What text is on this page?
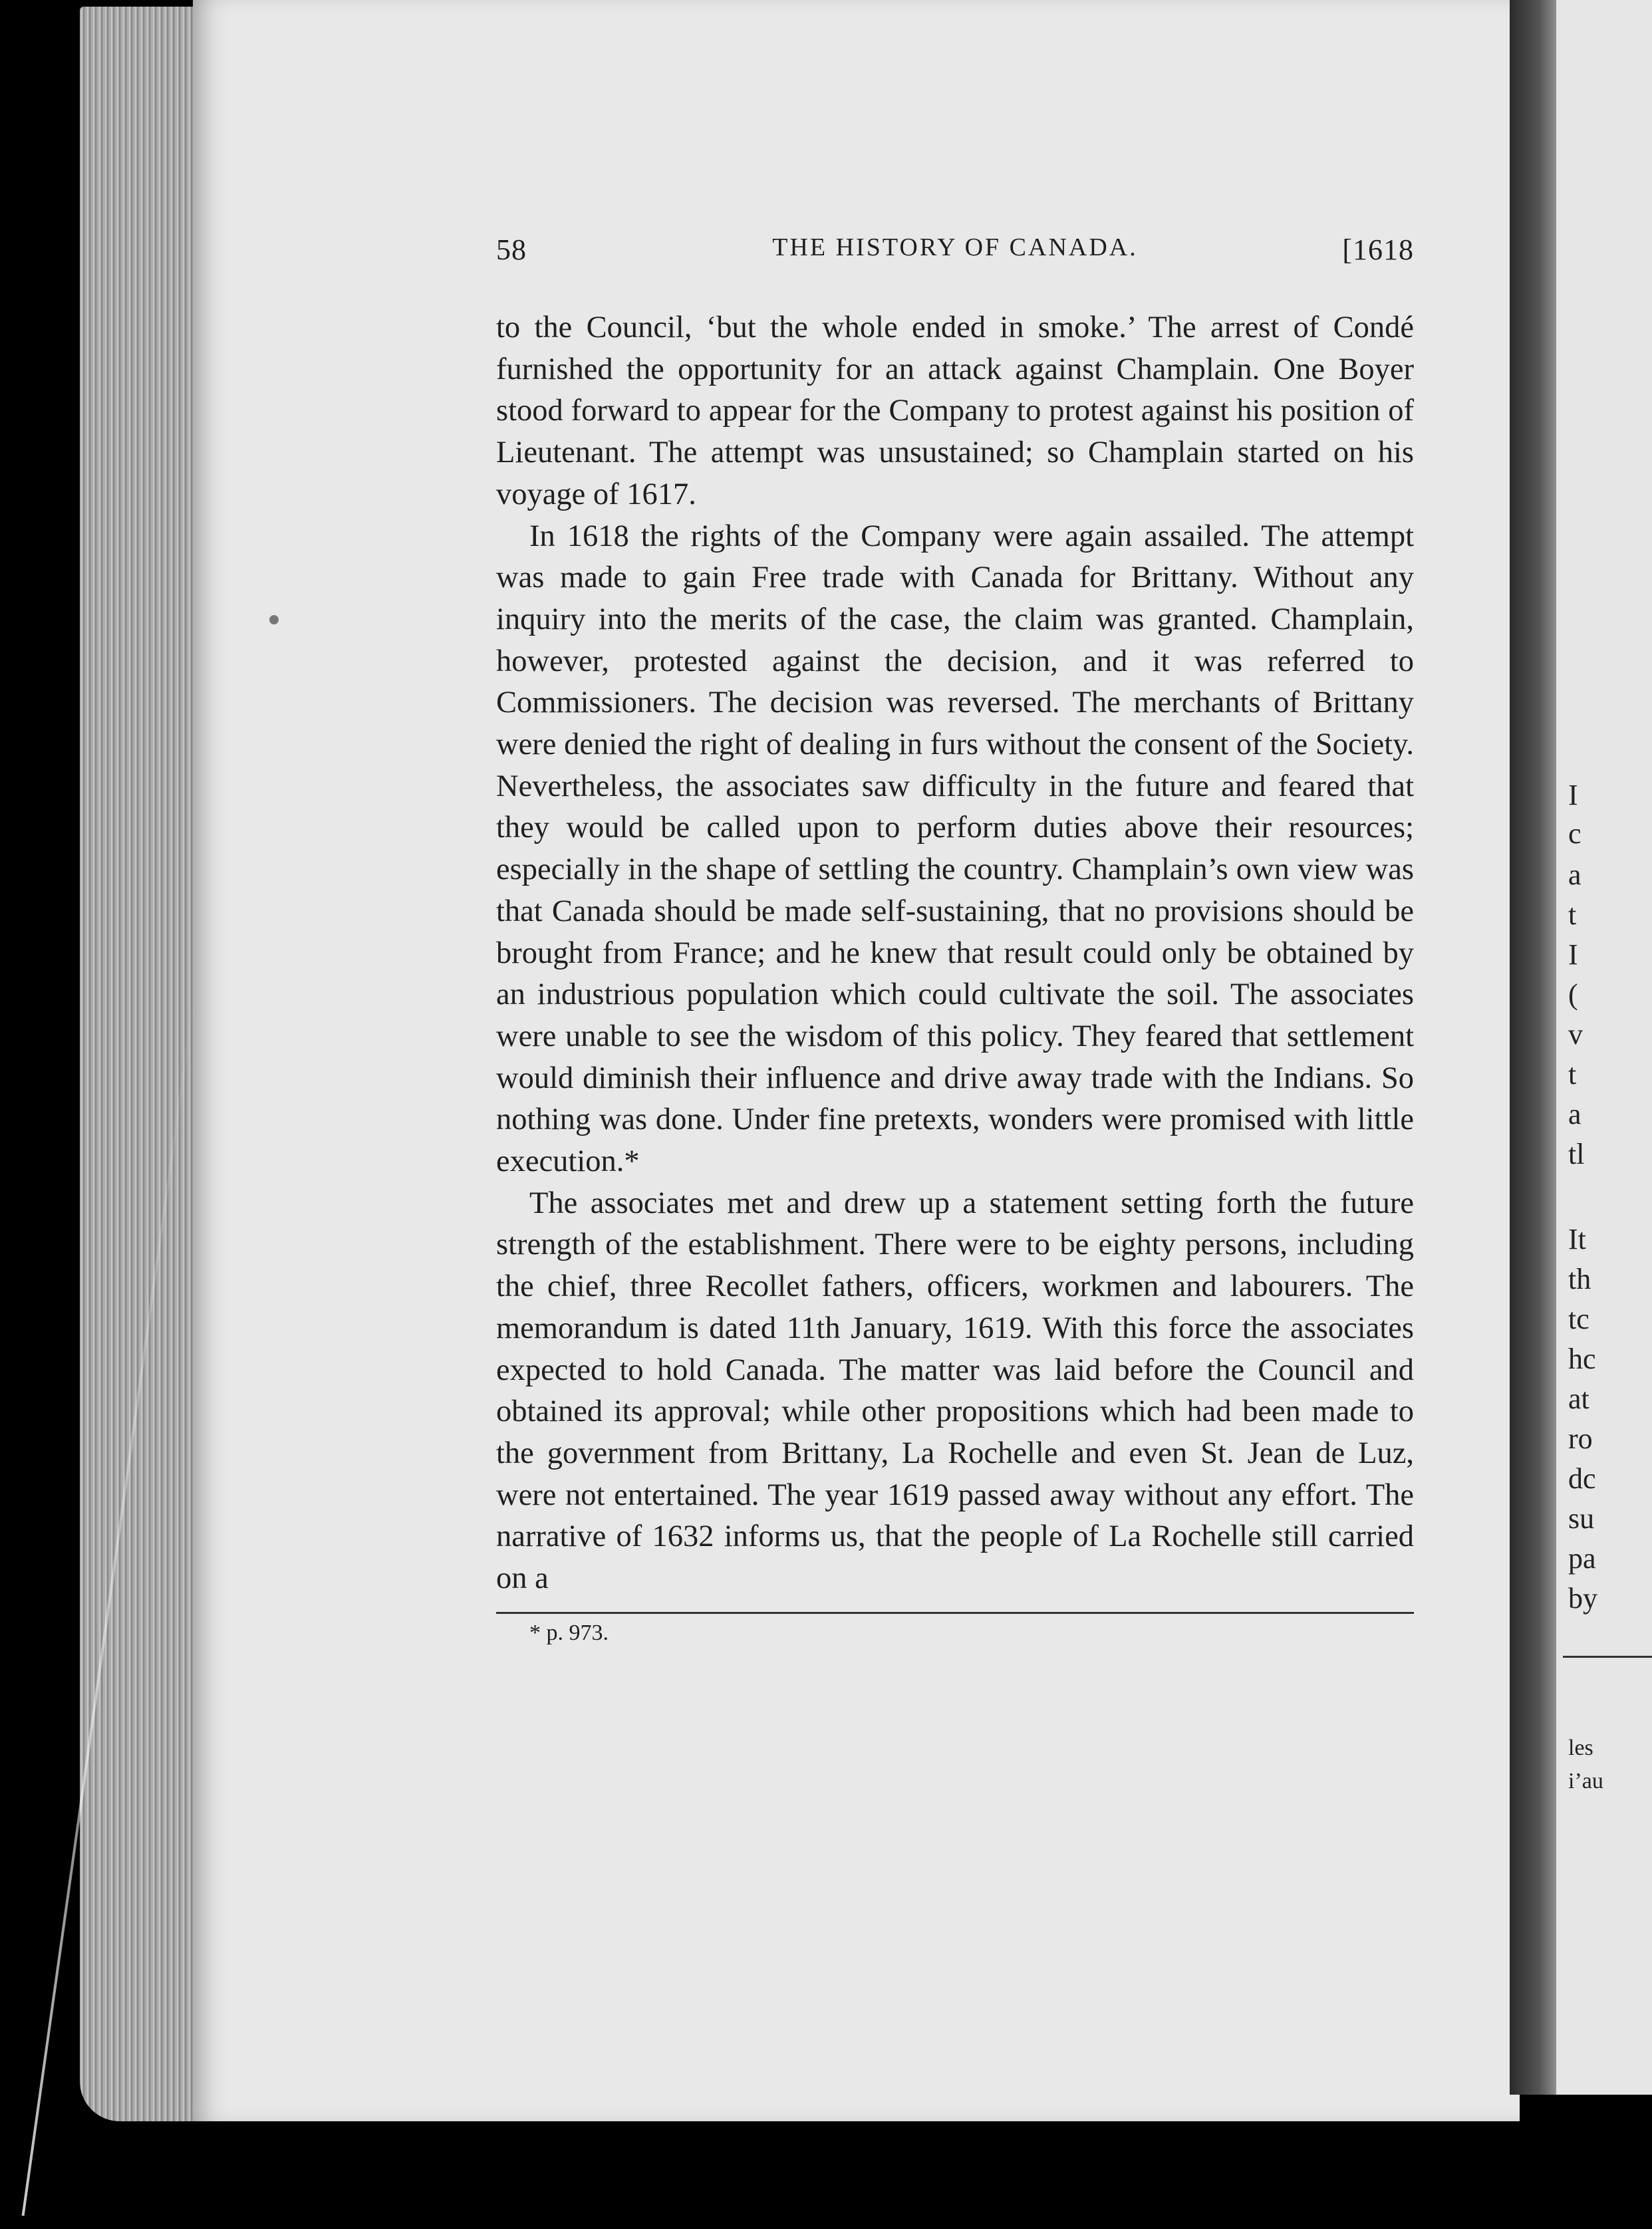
I
c
a
t
I
(
v
t
a
tl
It
th
tc
hc
at
ro
dc
su
pa
by
les
i’au
58	THE HISTORY OF CANADA.	[1618

to the Council, ‘but the whole ended in smoke.’ The arrest of Condé furnished the opportunity for an attack against Champlain. One Boyer stood forward to appear for the Company to protest against his position of Lieutenant. The attempt was unsustained; so Champlain started on his voyage of 1617.

In 1618 the rights of the Company were again assailed. The attempt was made to gain Free trade with Canada for Brittany. Without any inquiry into the merits of the case, the claim was granted. Champlain, however, protested against the decision, and it was referred to Commissioners. The decision was reversed. The merchants of Brittany were denied the right of dealing in furs without the consent of the Society. Nevertheless, the associates saw difficulty in the future and feared that they would be called upon to perform duties above their resources; especially in the shape of settling the country. Champlain’s own view was that Canada should be made self-sustaining, that no provisions should be brought from France; and he knew that result could only be obtained by an industrious population which could cultivate the soil. The associates were unable to see the wisdom of this policy. They feared that settlement would diminish their influence and drive away trade with the Indians. So nothing was done. Under fine pretexts, wonders were promised with little execution.*

The associates met and drew up a statement setting forth the future strength of the establishment. There were to be eighty persons, including the chief, three Recollet fathers, officers, workmen and labourers. The memorandum is dated 11th January, 1619. With this force the associates expected to hold Canada. The matter was laid before the Council and obtained its approval; while other propositions which had been made to the government from Brittany, La Rochelle and even St. Jean de Luz, were not entertained. The year 1619 passed away without any effort. The narrative of 1632 informs us, that the people of La Rochelle still carried on a

* p. 973.
